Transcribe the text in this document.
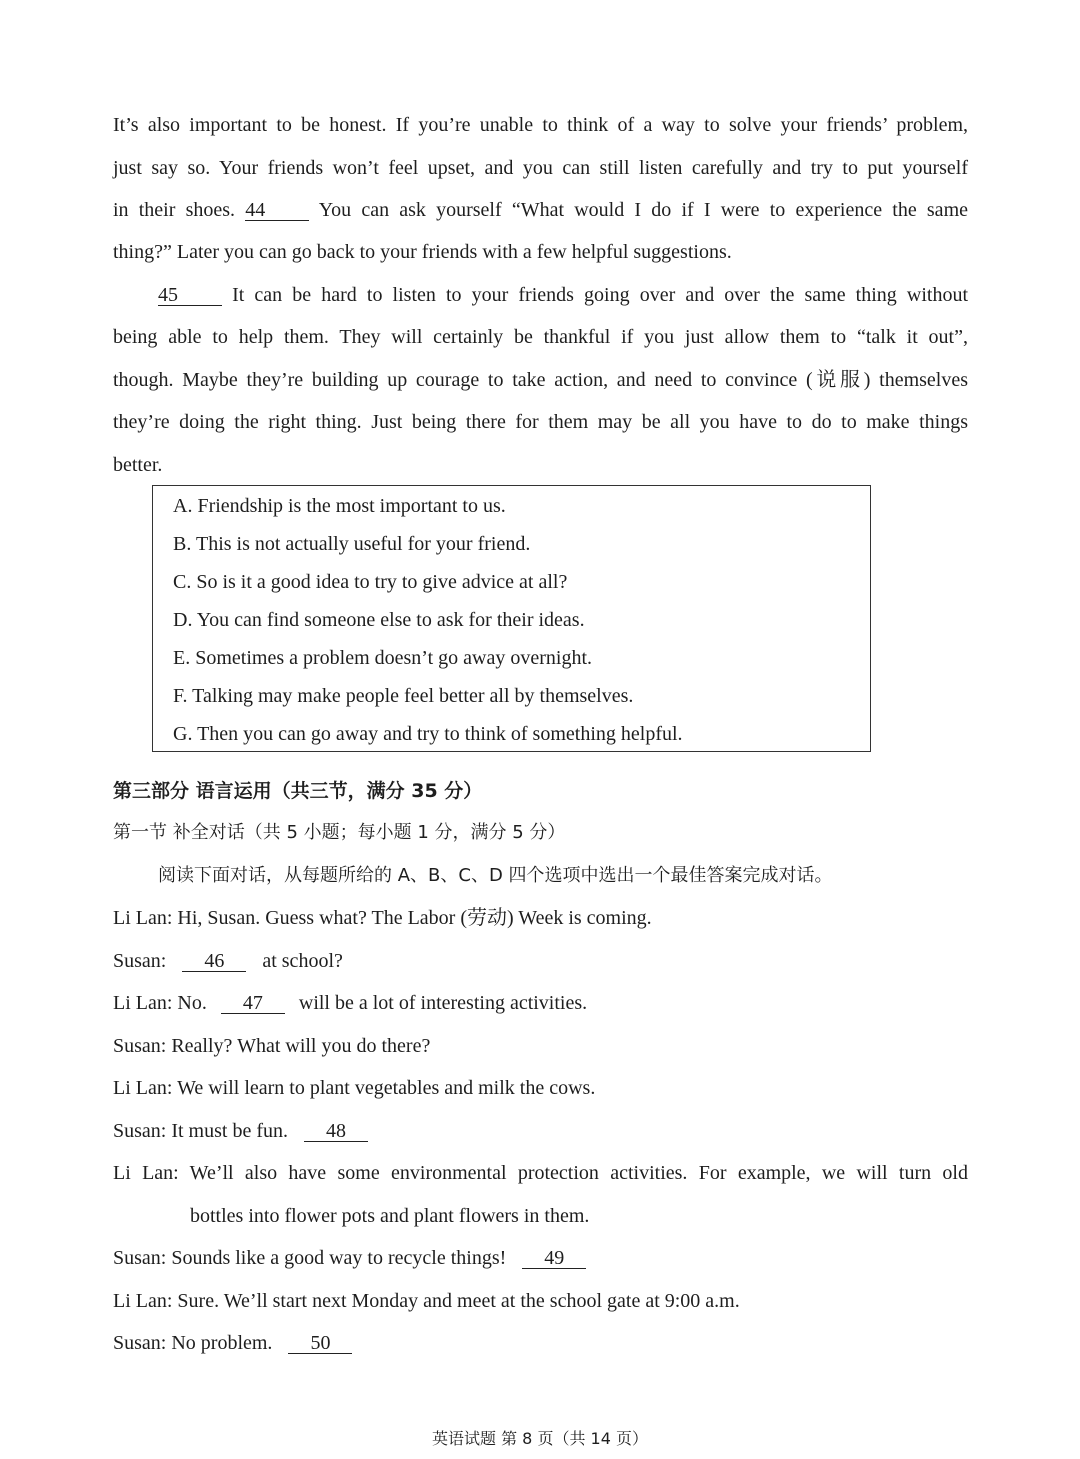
It’s also important to be honest. If you’re unable to think of a way to solve your friends’ problem,
just say so. Your friends won’t feel upset, and you can still listen carefully and try to put yourself
in their shoes. 44	You can ask yourself “What would I do if I were to experience the same
thing?” Later you can go back to your friends with a few helpful suggestions.
45	It can be hard to listen to your friends going over and over the same thing without
being able to help them. They will certainly be thankful if you just allow them to “talk it out”,
though. Maybe they’re building up courage to take action, and need to convince (说服) themselves
they’re doing the right thing. Just being there for them may be all you have to do to make things
better.
A. Friendship is the most important to us.
B. This is not actually useful for your friend.
C. So is it a good idea to try to give advice at all?
D. You can find someone else to ask for their ideas.
E. Sometimes a problem doesn’t go away overnight.
F. Talking may make people feel better all by themselves.
G. Then you can go away and try to think of something helpful.
第三部分 语言运用（共三节，满分 35 分）
第一节 补全对话（共 5 小题；每小题 1 分，满分 5 分）
阅读下面对话，从每题所给的 A、B、C、D 四个选项中选出一个最佳答案完成对话。
Li Lan: Hi, Susan. Guess what? The Labor (劳动) Week is coming.
Susan: 46 at school?
Li Lan: No. 47 will be a lot of interesting activities.
Susan: Really? What will you do there?
Li Lan: We will learn to plant vegetables and milk the cows.
Susan: It must be fun. 48
Li Lan: We’ll also have some environmental protection activities. For example, we will turn old
bottles into flower pots and plant flowers in them.
Susan: Sounds like a good way to recycle things! 49
Li Lan: Sure. We’ll start next Monday and meet at the school gate at 9:00 a.m.
Susan: No problem. 50
英语试题 第 8 页（共 14 页）
